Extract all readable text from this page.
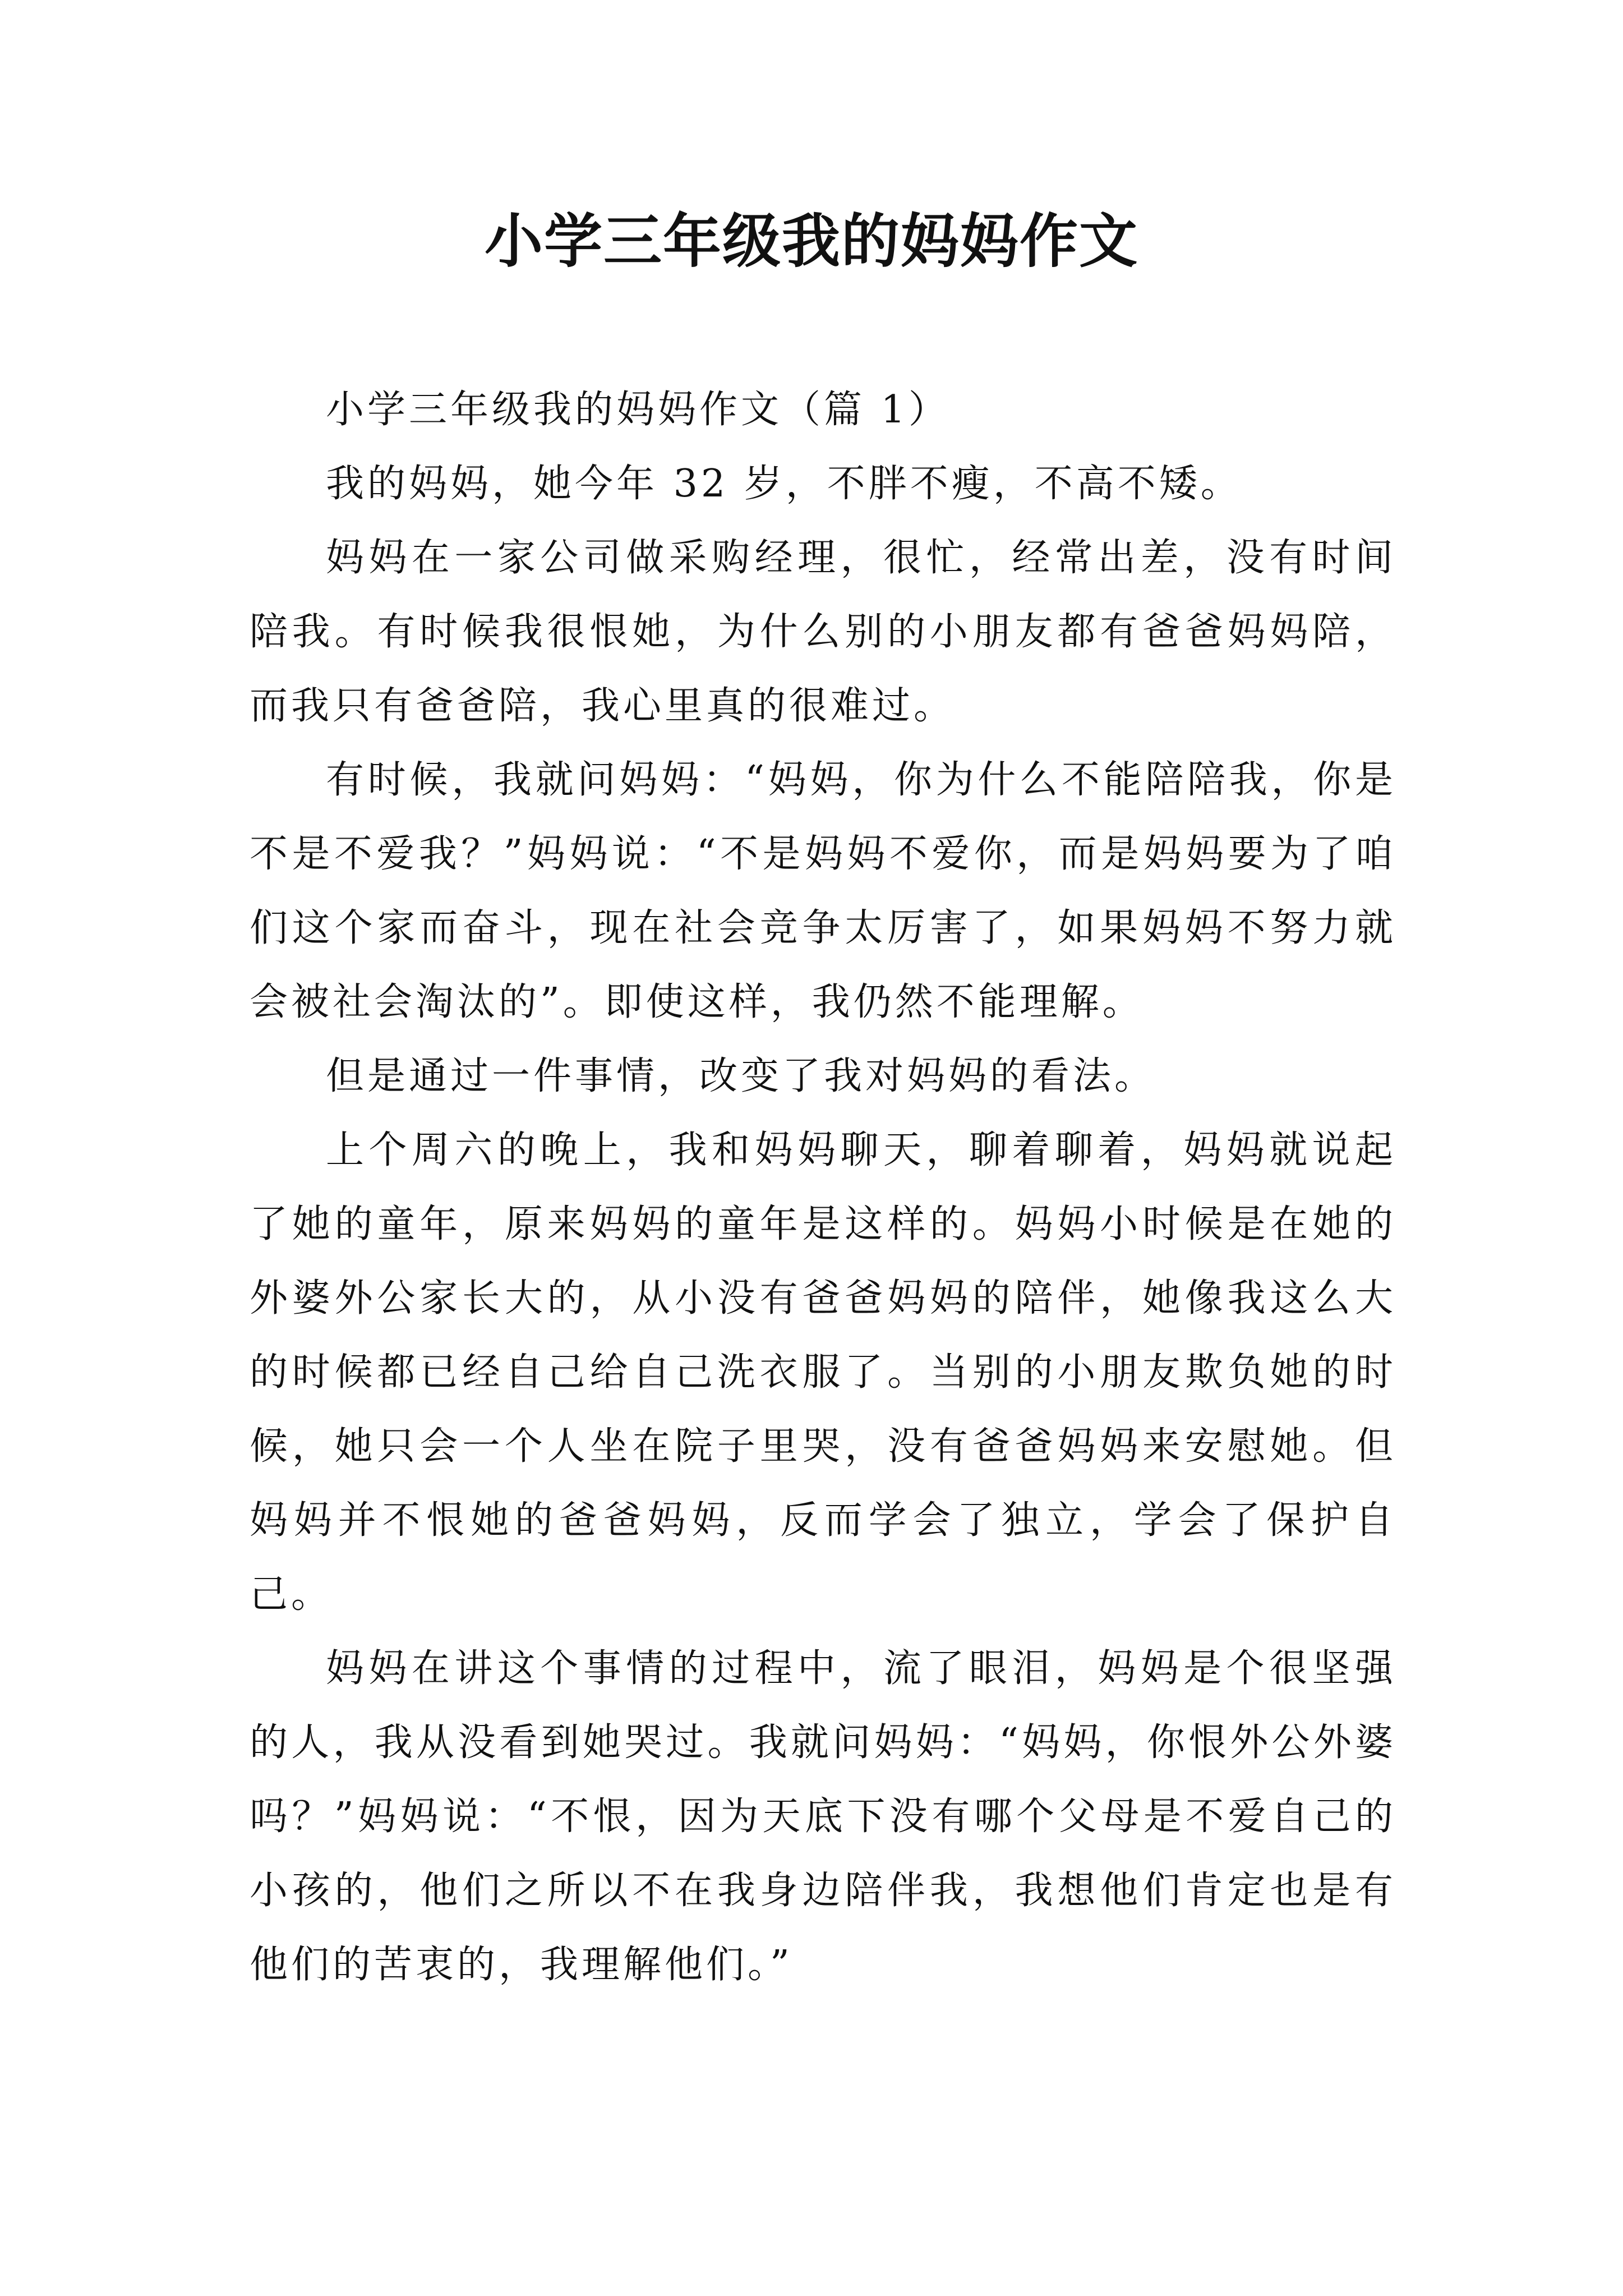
小学三年级我的妈妈作文

小学三年级我的妈妈作文（篇 1）

我的妈妈，她今年 32 岁，不胖不瘦，不高不矮。

妈妈在一家公司做采购经理，很忙，经常出差，没有时间陪我。有时候我很恨她，为什么别的小朋友都有爸爸妈妈陪，而我只有爸爸陪，我心里真的很难过。

有时候，我就问妈妈：“妈妈，你为什么不能陪陪我，你是不是不爱我？”妈妈说：“不是妈妈不爱你，而是妈妈要为了咱们这个家而奋斗，现在社会竞争太厉害了，如果妈妈不努力就会被社会淘汰的”。即使这样，我仍然不能理解。

但是通过一件事情，改变了我对妈妈的看法。

上个周六的晚上，我和妈妈聊天，聊着聊着，妈妈就说起了她的童年，原来妈妈的童年是这样的。妈妈小时候是在她的外婆外公家长大的，从小没有爸爸妈妈的陪伴，她像我这么大的时候都已经自己给自己洗衣服了。当别的小朋友欺负她的时候，她只会一个人坐在院子里哭，没有爸爸妈妈来安慰她。但妈妈并不恨她的爸爸妈妈，反而学会了独立，学会了保护自己。

妈妈在讲这个事情的过程中，流了眼泪，妈妈是个很坚强的人，我从没看到她哭过。我就问妈妈：“妈妈，你恨外公外婆吗？”妈妈说：“不恨，因为天底下没有哪个父母是不爱自己的小孩的，他们之所以不在我身边陪伴我，我想他们肯定也是有他们的苦衷的，我理解他们。”
